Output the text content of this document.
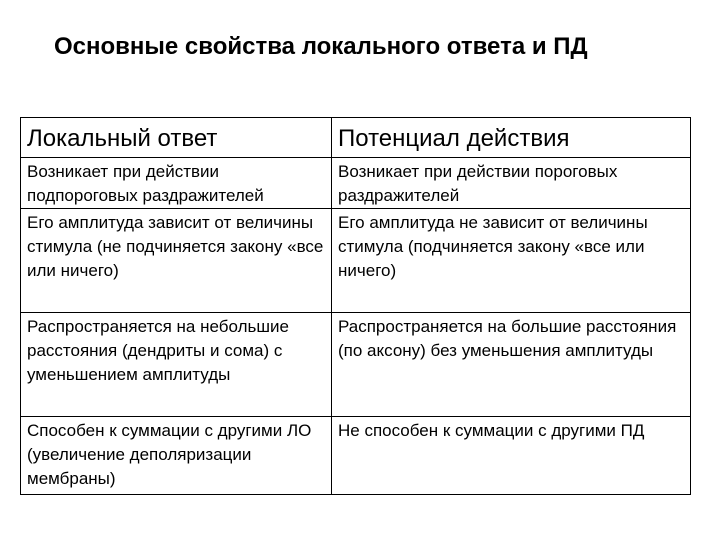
Основные свойства локального ответа и ПД
Локальный ответ	Потенциал действия
Возникает при действии подпороговых раздражителей	Возникает при действии пороговых раздражителей
Его амплитуда зависит от величины стимула (не подчиняется закону «все или ничего)	Его амплитуда не зависит от величины стимула (подчиняется закону «все или ничего)
Распространяется на небольшие расстояния (дендриты и сома) с уменьшением амплитуды	Распространяется на большие расстояния (по аксону) без уменьшения амплитуды
Способен к суммации с другими ЛО (увеличение деполяризации мембраны)	Не способен к суммации с другими ПД
